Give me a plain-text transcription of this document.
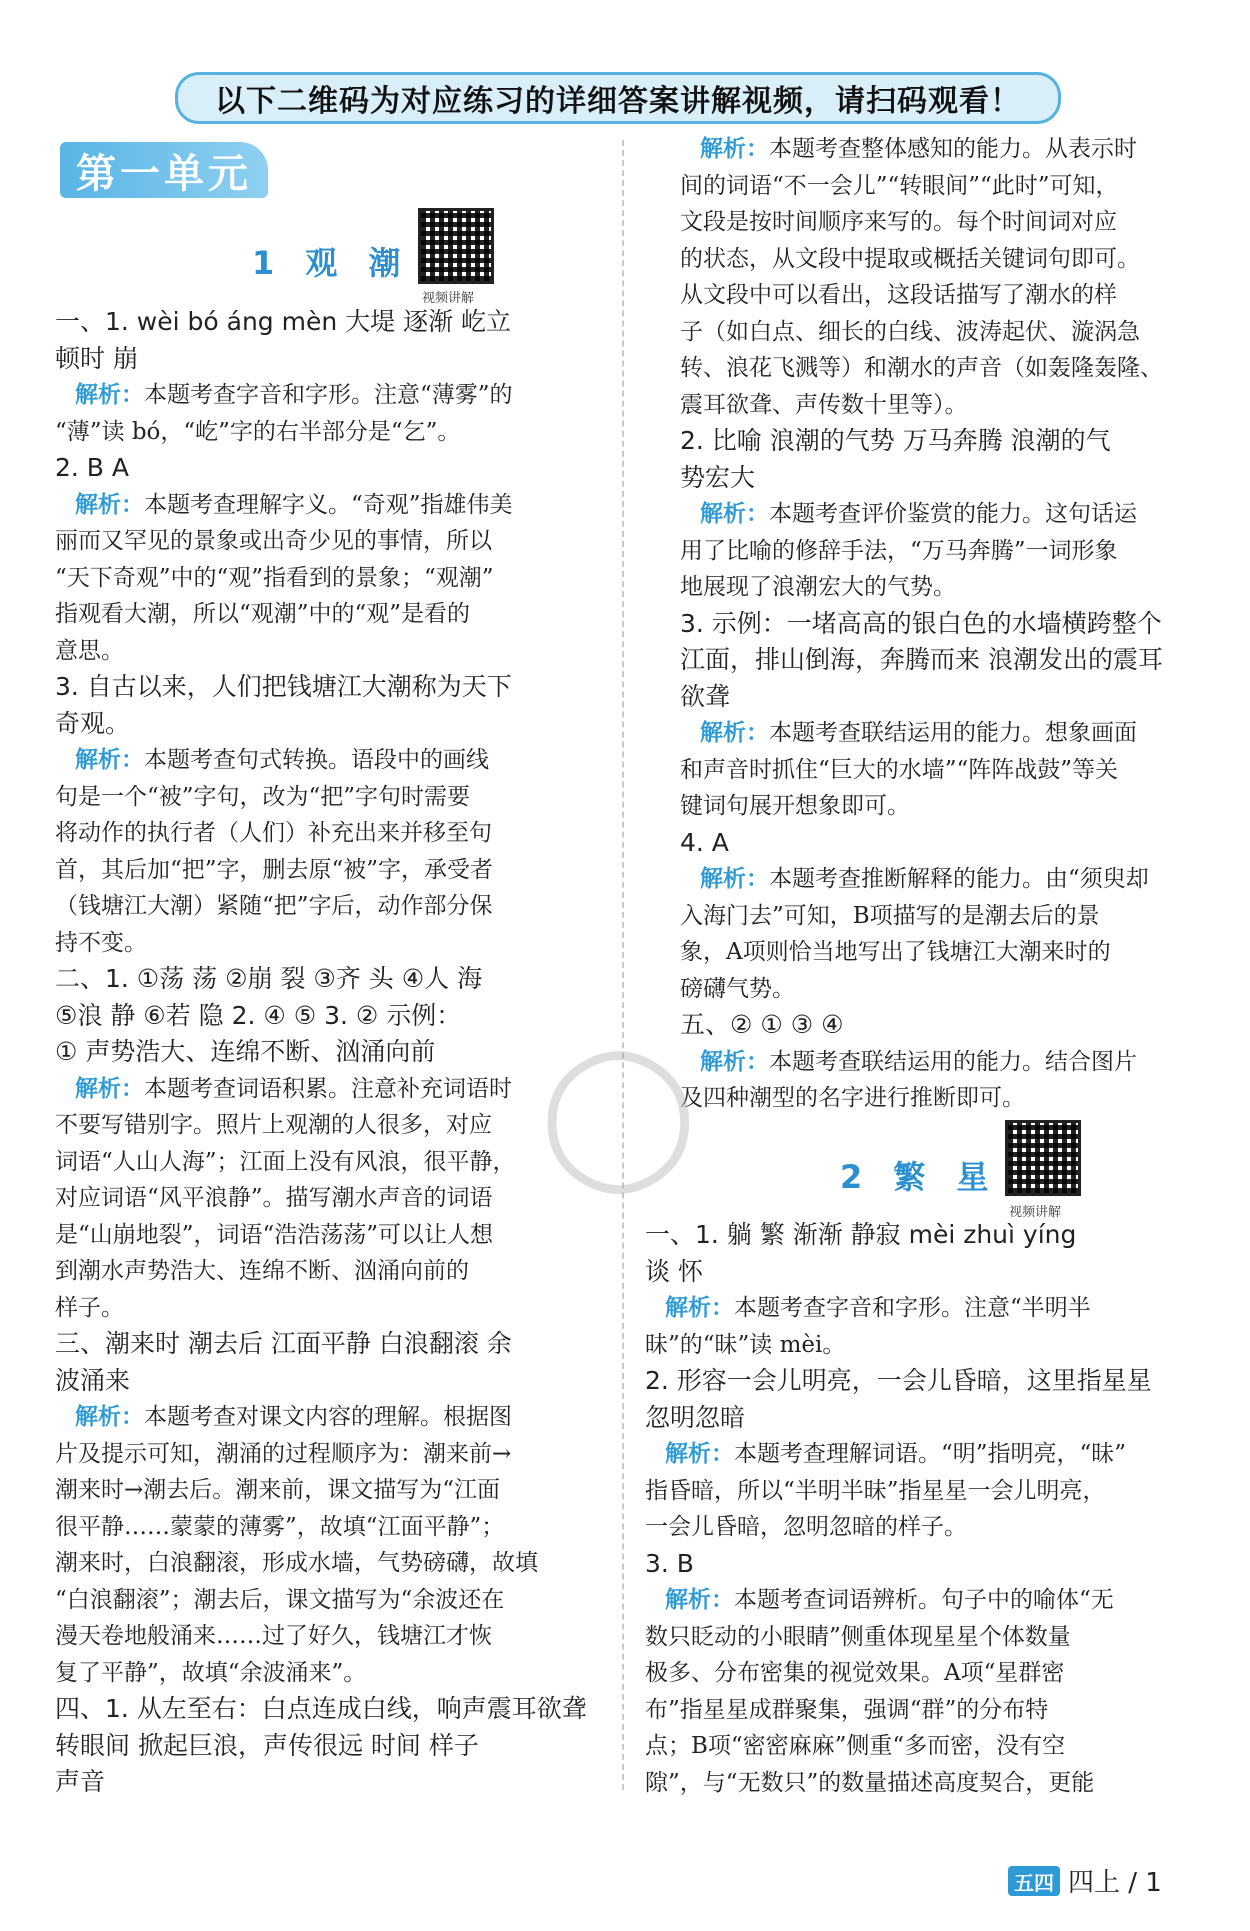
以下二维码为对应练习的详细答案讲解视频，请扫码观看！
第一单元
1 观 潮
视频讲解
一、1. wèi bó áng mèn 大堤 逐渐 屹立
顿时 崩
解析：本题考查字音和字形。注意“薄雾”的
“薄”读 bó，“屹”字的右半部分是“乞”。
2. B A
解析：本题考查理解字义。“奇观”指雄伟美
丽而又罕见的景象或出奇少见的事情，所以
“天下奇观”中的“观”指看到的景象；“观潮”
指观看大潮，所以“观潮”中的“观”是看的
意思。
3. 自古以来，人们把钱塘江大潮称为天下
奇观。
解析：本题考查句式转换。语段中的画线
句是一个“被”字句，改为“把”字句时需要
将动作的执行者（人们）补充出来并移至句
首，其后加“把”字，删去原“被”字，承受者
（钱塘江大潮）紧随“把”字后，动作部分保
持不变。
二、1. ①荡 荡 ②崩 裂 ③齐 头 ④人 海
⑤浪 静 ⑥若 隐 2. ④ ⑤ 3. ② 示例：
① 声势浩大、连绵不断、汹涌向前
解析：本题考查词语积累。注意补充词语时
不要写错别字。照片上观潮的人很多，对应
词语“人山人海”；江面上没有风浪，很平静，
对应词语“风平浪静”。描写潮水声音的词语
是“山崩地裂”，词语“浩浩荡荡”可以让人想
到潮水声势浩大、连绵不断、汹涌向前的
样子。
三、潮来时 潮去后 江面平静 白浪翻滚 余
波涌来
解析：本题考查对课文内容的理解。根据图
片及提示可知，潮涌的过程顺序为：潮来前→
潮来时→潮去后。潮来前，课文描写为“江面
很平静……蒙蒙的薄雾”，故填“江面平静”；
潮来时，白浪翻滚，形成水墙，气势磅礴，故填
“白浪翻滚”；潮去后，课文描写为“余波还在
漫天卷地般涌来……过了好久，钱塘江才恢
复了平静”，故填“余波涌来”。
四、1. 从左至右：白点连成白线，响声震耳欲聋
转眼间 掀起巨浪，声传很远 时间 样子
声音
2 繁 星
视频讲解
解析：本题考查整体感知的能力。从表示时
间的词语“不一会儿”“转眼间”“此时”可知，
文段是按时间顺序来写的。每个时间词对应
的状态，从文段中提取或概括关键词句即可。
从文段中可以看出，这段话描写了潮水的样
子（如白点、细长的白线、波涛起伏、漩涡急
转、浪花飞溅等）和潮水的声音（如轰隆轰隆、
震耳欲聋、声传数十里等）。
2. 比喻 浪潮的气势 万马奔腾 浪潮的气
势宏大
解析：本题考查评价鉴赏的能力。这句话运
用了比喻的修辞手法，“万马奔腾”一词形象
地展现了浪潮宏大的气势。
3. 示例：一堵高高的银白色的水墙横跨整个
江面，排山倒海，奔腾而来 浪潮发出的震耳
欲聋
解析：本题考查联结运用的能力。想象画面
和声音时抓住“巨大的水墙”“阵阵战鼓”等关
键词句展开想象即可。
4. A
解析：本题考查推断解释的能力。由“须臾却
入海门去”可知，B项描写的是潮去后的景
象，A项则恰当地写出了钱塘江大潮来时的
磅礴气势。
五、② ① ③ ④
解析：本题考查联结运用的能力。结合图片
及四种潮型的名字进行推断即可。
一、1. 躺 繁 渐渐 静寂 mèi zhuì yíng
谈 怀
解析：本题考查字音和字形。注意“半明半
昧”的“昧”读 mèi。
2. 形容一会儿明亮，一会儿昏暗，这里指星星
忽明忽暗
解析：本题考查理解词语。“明”指明亮，“昧”
指昏暗，所以“半明半昧”指星星一会儿明亮，
一会儿昏暗，忽明忽暗的样子。
3. B
解析：本题考查词语辨析。句子中的喻体“无
数只眨动的小眼睛”侧重体现星星个体数量
极多、分布密集的视觉效果。A项“星群密
布”指星星成群聚集，强调“群”的分布特
点；B项“密密麻麻”侧重“多而密，没有空
隙”，与“无数只”的数量描述高度契合，更能
五四 四上 / 1
◯
